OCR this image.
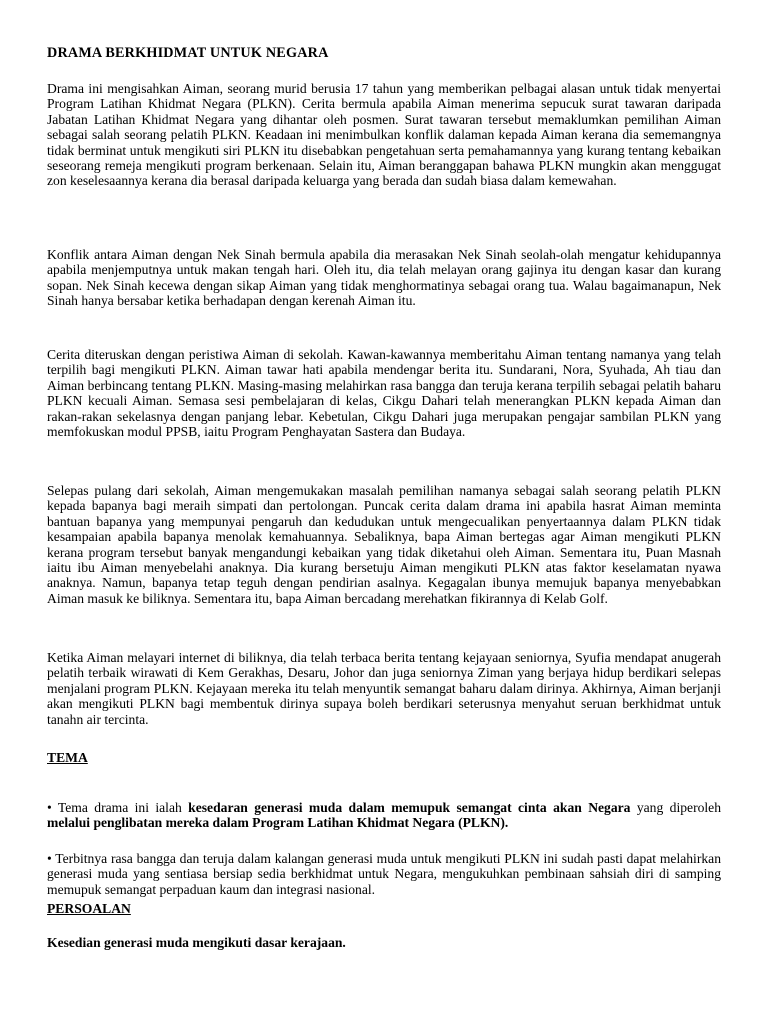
DRAMA BERKHIDMAT UNTUK NEGARA

Drama ini mengisahkan Aiman, seorang murid berusia 17 tahun yang memberikan pelbagai alasan untuk tidak menyertai Program Latihan Khidmat Negara (PLKN). Cerita bermula apabila Aiman menerima sepucuk surat tawaran daripada Jabatan Latihan Khidmat Negara yang dihantar oleh posmen. Surat tawaran tersebut memaklumkan pemilihan Aiman sebagai salah seorang pelatih PLKN. Keadaan ini menimbulkan konflik dalaman kepada Aiman kerana dia sememangnya tidak berminat untuk mengikuti siri PLKN itu disebabkan pengetahuan serta pemahamannya yang kurang tentang kebaikan seseorang remeja mengikuti program berkenaan. Selain itu, Aiman beranggapan bahawa PLKN mungkin akan menggugat zon keselesaannya kerana dia berasal daripada keluarga yang berada dan sudah biasa dalam kemewahan.

Konflik antara Aiman dengan Nek Sinah bermula apabila dia merasakan Nek Sinah seolah-olah mengatur kehidupannya apabila menjemputnya untuk makan tengah hari. Oleh itu, dia telah melayan orang gajinya itu dengan kasar dan kurang sopan. Nek Sinah kecewa dengan sikap Aiman yang tidak menghormatinya sebagai orang tua. Walau bagaimanapun, Nek Sinah hanya bersabar ketika berhadapan dengan kerenah Aiman itu.

Cerita diteruskan dengan peristiwa Aiman di sekolah. Kawan-kawannya memberitahu Aiman tentang namanya yang telah terpilih bagi mengikuti PLKN. Aiman tawar hati apabila mendengar berita itu. Sundarani, Nora, Syuhada, Ah tiau dan Aiman berbincang tentang PLKN. Masing-masing melahirkan rasa bangga dan teruja kerana terpilih sebagai pelatih baharu PLKN kecuali Aiman. Semasa sesi pembelajaran di kelas, Cikgu Dahari telah menerangkan PLKN kepada Aiman dan rakan-rakan sekelasnya dengan panjang lebar. Kebetulan, Cikgu Dahari juga merupakan pengajar sambilan PLKN yang memfokuskan modul PPSB, iaitu Program Penghayatan Sastera dan Budaya.

Selepas pulang dari sekolah, Aiman mengemukakan masalah pemilihan namanya sebagai salah seorang pelatih PLKN kepada bapanya bagi meraih simpati dan pertolongan. Puncak cerita dalam drama ini apabila hasrat Aiman meminta bantuan bapanya yang mempunyai pengaruh dan kedudukan untuk mengecualikan penyertaannya dalam PLKN tidak kesampaian apabila bapanya menolak kemahuannya. Sebaliknya, bapa Aiman bertegas agar Aiman mengikuti PLKN kerana program tersebut banyak mengandungi kebaikan yang tidak diketahui oleh Aiman. Sementara itu, Puan Masnah iaitu ibu Aiman menyebelahi anaknya. Dia kurang bersetuju Aiman mengikuti PLKN atas faktor keselamatan nyawa anaknya. Namun, bapanya tetap teguh dengan pendirian asalnya. Kegagalan ibunya memujuk bapanya menyebabkan Aiman masuk ke biliknya. Sementara itu, bapa Aiman bercadang merehatkan fikirannya di Kelab Golf.

Ketika Aiman melayari internet di biliknya, dia telah terbaca berita tentang kejayaan seniornya, Syufia mendapat anugerah pelatih terbaik wirawati di Kem Gerakhas, Desaru, Johor dan juga seniornya Ziman yang berjaya hidup berdikari selepas menjalani program PLKN. Kejayaan mereka itu telah menyuntik semangat baharu dalam dirinya. Akhirnya, Aiman berjanji akan mengikuti PLKN bagi membentuk dirinya supaya boleh berdikari seterusnya menyahut seruan berkhidmat untuk tanahn air tercinta.

TEMA

• Tema drama ini ialah kesedaran generasi muda dalam memupuk semangat cinta akan Negara yang diperoleh melalui penglibatan mereka dalam Program Latihan Khidmat Negara (PLKN).

• Terbitnya rasa bangga dan teruja dalam kalangan generasi muda untuk mengikuti PLKN ini sudah pasti dapat melahirkan generasi muda yang sentiasa bersiap sedia berkhidmat untuk Negara, mengukuhkan pembinaan sahsiah diri di samping memupuk semangat perpaduan kaum dan integrasi nasional.

PERSOALAN

Kesedian generasi muda mengikuti dasar kerajaan.
